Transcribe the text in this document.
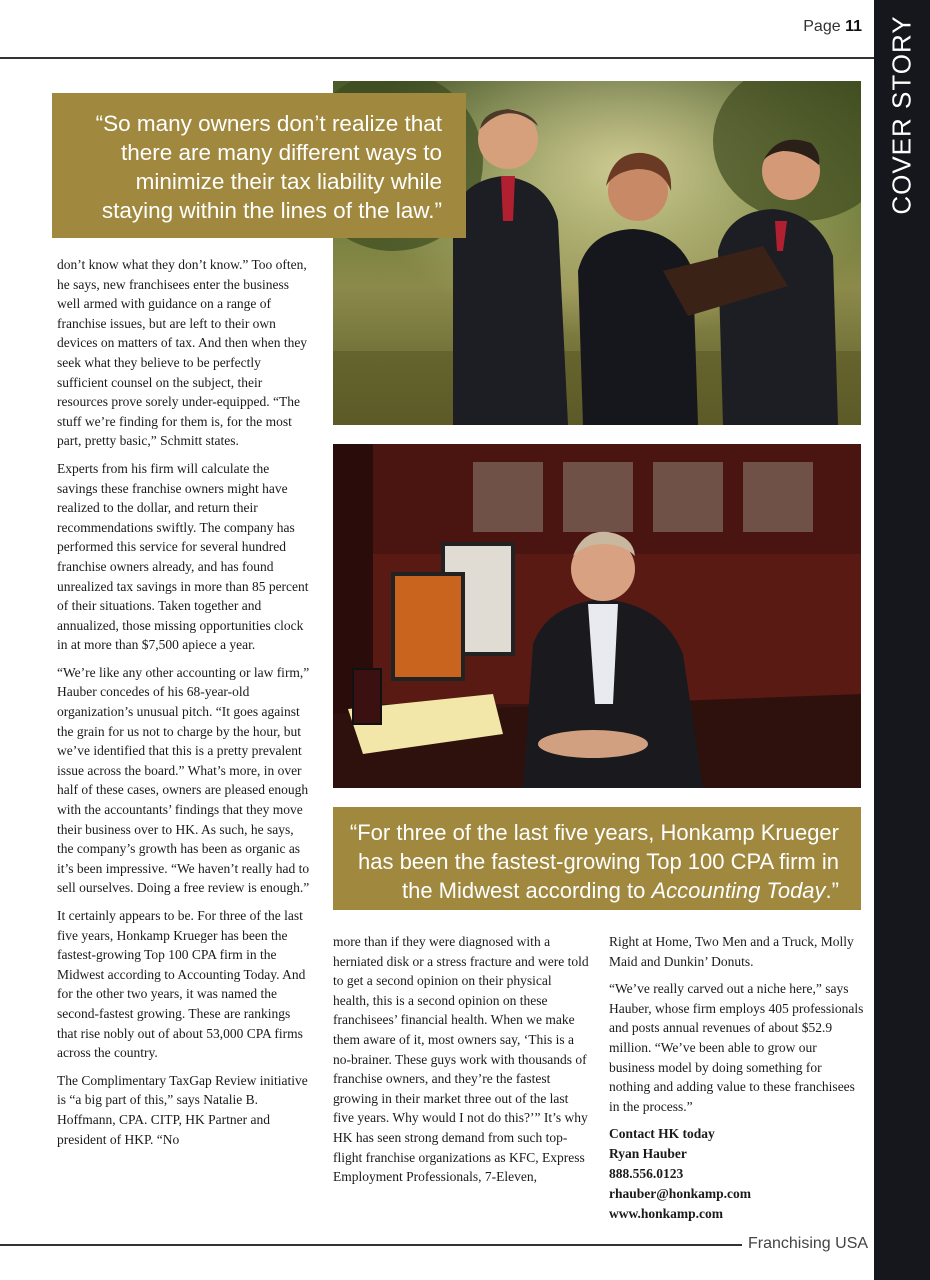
COVER STORY
Page 11
“So many owners don’t realize that there are many different ways to minimize their tax liability while staying within the lines of the law.”
“For three of the last five years, Honkamp Krueger has been the fastest-growing Top 100 CPA firm in the Midwest according to Accounting Today.”

don’t know what they don’t know.” Too often, he says, new franchisees enter the business well armed with guidance on a range of franchise issues, but are left to their own devices on matters of tax. And then when they seek what they believe to be perfectly sufficient counsel on the subject, their resources prove sorely under-equipped. “The stuff we’re finding for them is, for the most part, pretty basic,” Schmitt states.

Experts from his firm will calculate the savings these franchise owners might have realized to the dollar, and return their recommendations swiftly. The company has performed this service for several hundred franchise owners already, and has found unrealized tax savings in more than 85 percent of their situations. Taken together and annualized, those missing opportunities clock in at more than $7,500 apiece a year.

“We’re like any other accounting or law firm,” Hauber concedes of his 68-year-old organization’s unusual pitch. “It goes against the grain for us not to charge by the hour, but we’ve identified that this is a pretty prevalent issue across the board.” What’s more, in over half of these cases, owners are pleased enough with the accountants’ findings that they move their business over to HK. As such, he says, the company’s growth has been as organic as it’s been impressive. “We haven’t really had to sell ourselves. Doing a free review is enough.”

It certainly appears to be. For three of the last five years, Honkamp Krueger has been the fastest-growing Top 100 CPA firm in the Midwest according to Accounting Today. And for the other two years, it was named the second-fastest growing. These are rankings that rise nobly out of about 53,000 CPA firms across the country.

The Complimentary TaxGap Review initiative is “a big part of this,” says Natalie B. Hoffmann, CPA. CITP, HK Partner and president of HKP. “No

more than if they were diagnosed with a herniated disk or a stress fracture and were told to get a second opinion on their physical health, this is a second opinion on these franchisees’ financial health. When we make them aware of it, most owners say, ‘This is a no-brainer. These guys work with thousands of franchise owners, and they’re the fastest growing in their market three out of the last five years. Why would I not do this?’” It’s why HK has seen strong demand from such top-flight franchise organizations as KFC, Express Employment Professionals, 7-Eleven,

Right at Home, Two Men and a Truck, Molly Maid and Dunkin’ Donuts.

“We’ve really carved out a niche here,” says Hauber, whose firm employs 405 professionals and posts annual revenues of about $52.9 million. “We’ve been able to grow our business model by doing something for nothing and adding value to these franchisees in the process.”

Contact HK today
Ryan Hauber
888.556.0123
rhauber@honkamp.com
www.honkamp.com
Franchising USA
